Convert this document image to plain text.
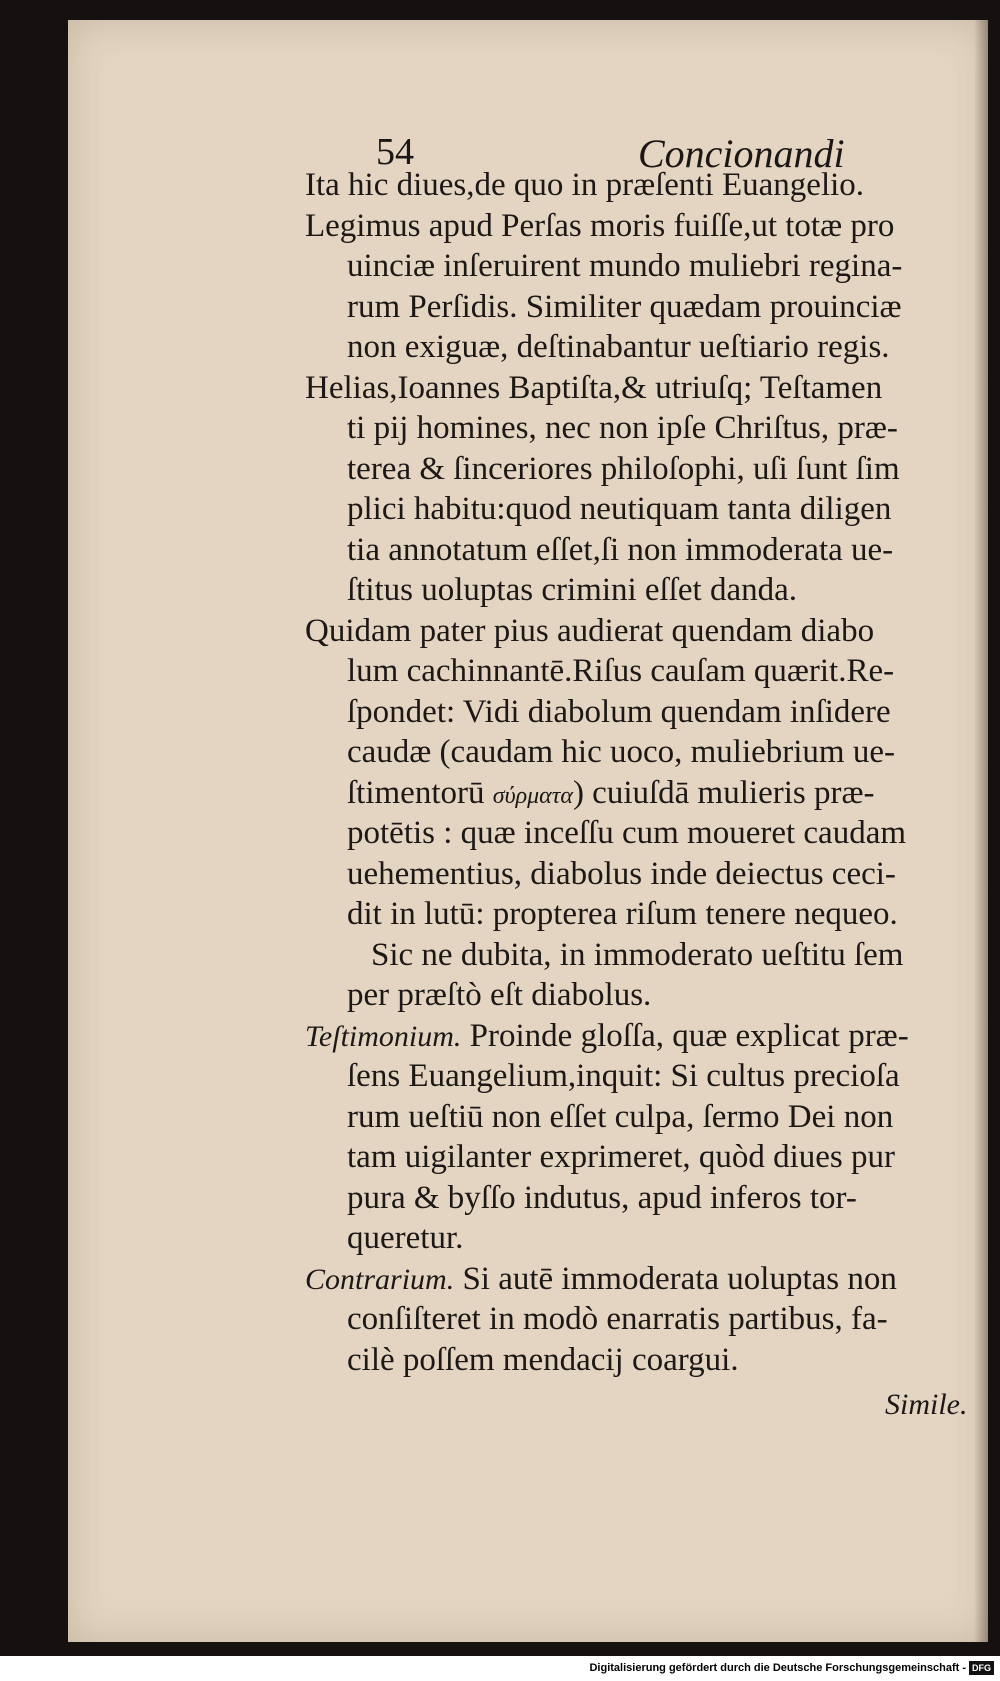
54	Concionandi
Ita hic diues,de quo in præſenti Euangelio.
Legimus apud Perſas moris fuiſſe,ut totæ pro
uinciæ inſeruirent mundo muliebri regina-
rum Perſidis. Similiter quædam prouinciæ
non exiguæ, deſtinabantur ueſtiario regis.
Helias,Ioannes Baptiſta,& utriuſq; Teſtamen
ti pij homines, nec non ipſe Chriſtus, præ-
terea & ſinceriores philoſophi, uſi ſunt ſim
plici habitu:quod neutiquam tanta diligen
tia annotatum eſſet,ſi non immoderata ue-
ſtitus uoluptas crimini eſſet danda.
Quidam pater pius audierat quendam diabo
lum cachinnantē.Riſus cauſam quærit.Re-
ſpondet: Vidi diabolum quendam inſidere
caudæ (caudam hic uoco, muliebrium ue-
ſtimentorū σύρματα) cuiuſdā mulieris præ-
potētis : quæ inceſſu cum moueret caudam
uehementius, diabolus inde deiectus ceci-
dit in lutū: propterea riſum tenere nequeo.
Sic ne dubita, in immoderato ueſtitu ſem
per præſtò eſt diabolus.
Teſtimonium. Proinde gloſſa, quæ explicat præ-
ſens Euangelium,inquit: Si cultus precioſa
rum ueſtiū non eſſet culpa, ſermo Dei non
tam uigilanter exprimeret, quòd diues pur
pura & byſſo indutus, apud inferos tor-
queretur.
Contrarium. Si autē immoderata uoluptas non
conſiſteret in modò enarratis partibus, fa-
cilè poſſem mendacij coargui.
Simile.
Digitalisierung gefördert durch die Deutsche Forschungsgemeinschaft - DFG
